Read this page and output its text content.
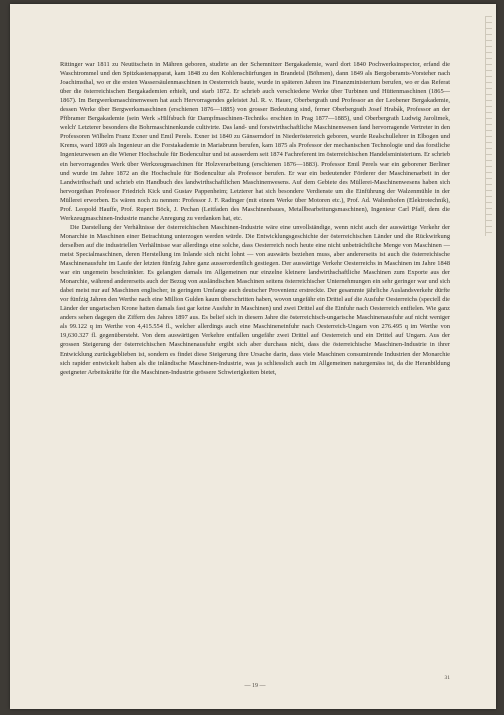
Rittinger war 1811 zu Neutitschein in Mähren geboren, studirte an der Schemnitzer Bergakademie, ward dort 1840 Pochwerksinspector, erfand die Waschtrommel und den Spitzkastenapparat, kam 1848 zu den Kohlenschürfungen in Brandeisl (Böhmen), dann 1849 als Bergoberamts-Vorsteher nach Joachimsthal, wo er die ersten Wassersäulenmaschinen in Oesterreich baute, wurde in späteren Jahren ins Finanzministerium berufen, wo er das Referat über die österreichischen Bergakademien erhielt, und starb 1872. Er schrieb auch verschiedene Werke über Turbinen und Hüttenmaschinen (1865—1867). Im Bergwerksmaschinenwesen hat auch Hervorragendes geleistet Jul. R. v. Hauer, Oberbergrath und Professor an der Leobener Bergakademie, dessen Werke über Bergwerksmaschinen (erschienen 1876—1885) von grosser Bedeutung sind, ferner Oberbergrath Josef Hrabák, Professor an der Přibramer Bergakademie (sein Werk »Hilfsbuch für Dampfmaschinen-Technik« erschien in Prag 1877—1885), und Oberbergrath Ludwig Jarolimek, welch' Letzterer besonders die Bohrmaschinenkunde cultivirte. Das land- und forstwirthschaftliche Maschinenwesen fand hervorragende Vertreter in den Professoren Wilhelm Franz Exner und Emil Perels. Exner ist 1840 zu Gänserndorf in Niederösterreich geboren, wurde Realschullehrer in Elbogen und Krems, ward 1869 als Ingenieur an die Forstakademie in Mariabrunn berufen, kam 1875 als Professor der mechanischen Technologie und das forstliche Ingenieurwesen an die Wiener Hochschule für Bodencultur und ist ausserdem seit 1874 Fachreferent im österreichischen Handelsministerium. Er schrieb ein hervorragendes Werk über Werkzeugmaschinen für Holzverarbeitung (erschienen 1876—1883). Professor Emil Perels war ein geborener Berliner und wurde im Jahre 1872 an die Hochschule für Bodencultur als Professor berufen. Er war ein bedeutender Förderer der Maschinenarbeit in der Landwirthschaft und schrieb ein Handbuch des landwirthschaftlichen Maschinenwesens. Auf dem Gebiete des Müllerei-Maschinenwesens haben sich hervorgethan Professor Friedrich Kick und Gustav Pappenheim; Letzterer hat sich besondere Verdienste um die Einführung der Walzenmühle in der Müllerei erworben. Es wären noch zu nennen: Professor J. F. Radinger (mit einem Werke über Motoren etc.), Prof. Ad. Waltenhofen (Elektrotechnik), Prof. Leopold Hauffe, Prof. Rupert Böck, J. Pechan (Leitfaden des Maschinenbaues, Metallbearbeitungsmaschinen), Ingenieur Carl Pfaff, dem die Werkzeugmaschinen-Industrie manche Anregung zu verdanken hat, etc.

Die Darstellung der Verhältnisse der österreichischen Maschinen-Industrie wäre eine unvollständige, wenn nicht auch der auswärtige Verkehr der Monarchie in Maschinen einer Betrachtung unterzogen werden würde. Die Entwicklungsgeschichte der österreichischen Länder und die Rückwirkung derselben auf die industriellen Verhältnisse war allerdings eine solche, dass Oesterreich noch heute eine nicht unbeträchtliche Menge von Maschinen — meist Specialmaschinen, deren Herstellung im Inlande sich nicht lohnt — von auswärts beziehen muss, aber andererseits ist auch die österreichische Maschinenausfuhr im Laufe der letzten fünfzig Jahre ganz ausserordentlich gestiegen. Der auswärtige Verkehr Oesterreichs in Maschinen im Jahre 1848 war ein ungemein beschränkter. Es gelangten damals im Allgemeinen nur einzelne kleinere landwirthschaftliche Maschinen zum Exporte aus der Monarchie, während andererseits auch der Bezug von ausländischen Maschinen seitens österreichischer Unternehmungen ein sehr geringer war und sich dabei meist nur auf Maschinen englischer, in geringem Umfange auch deutscher Provenienz erstreckte. Der gesammte jährliche Auslandsverkehr dürfte vor fünfzig Jahren den Werthe nach eine Million Gulden kaum überschritten haben, wovon ungefähr ein Drittel auf die Ausfuhr Oesterreichs (speciell die Länder der ungarischen Krone hatten damals fast gar keine Ausfuhr in Maschinen) und zwei Drittel auf die Einfuhr nach Oesterreich entfielen. Wie ganz anders sehen dagegen die Ziffern des Jahres 1897 aus. Es belief sich in diesem Jahre die österreichisch-ungarische Maschinenausfuhr auf nicht weniger als 99.122 q im Werthe von 4,415.554 fl., welcher allerdings auch eine Maschineneinfuhr nach Oesterreich-Ungarn von 276.495 q im Werthe von 19,630.327 fl. gegenübersteht. Von dem auswärtigen Verkehre entfallen ungefähr zwei Drittel auf Oesterreich und ein Drittel auf Ungarn. Aus der grossen Steigerung der österreichischen Maschinenausfuhr ergibt sich aber durchaus nicht, dass die österreichische Maschinen-Industrie in ihrer Entwicklung zurückgeblieben ist, sondern es findet diese Steigerung ihre Ursache darin, dass viele Maschinen consumirende Industrien der Monarchie sich rapider entwickelt haben als die inländische Maschinen-Industrie, was ja schliesslich auch im Allgemeinen naturgemäss ist, da die Heranbildung geeigneter Arbeitskräfte für die Maschinen-Industrie grössere Schwierigkeiten bietet,

— 19 —
31
